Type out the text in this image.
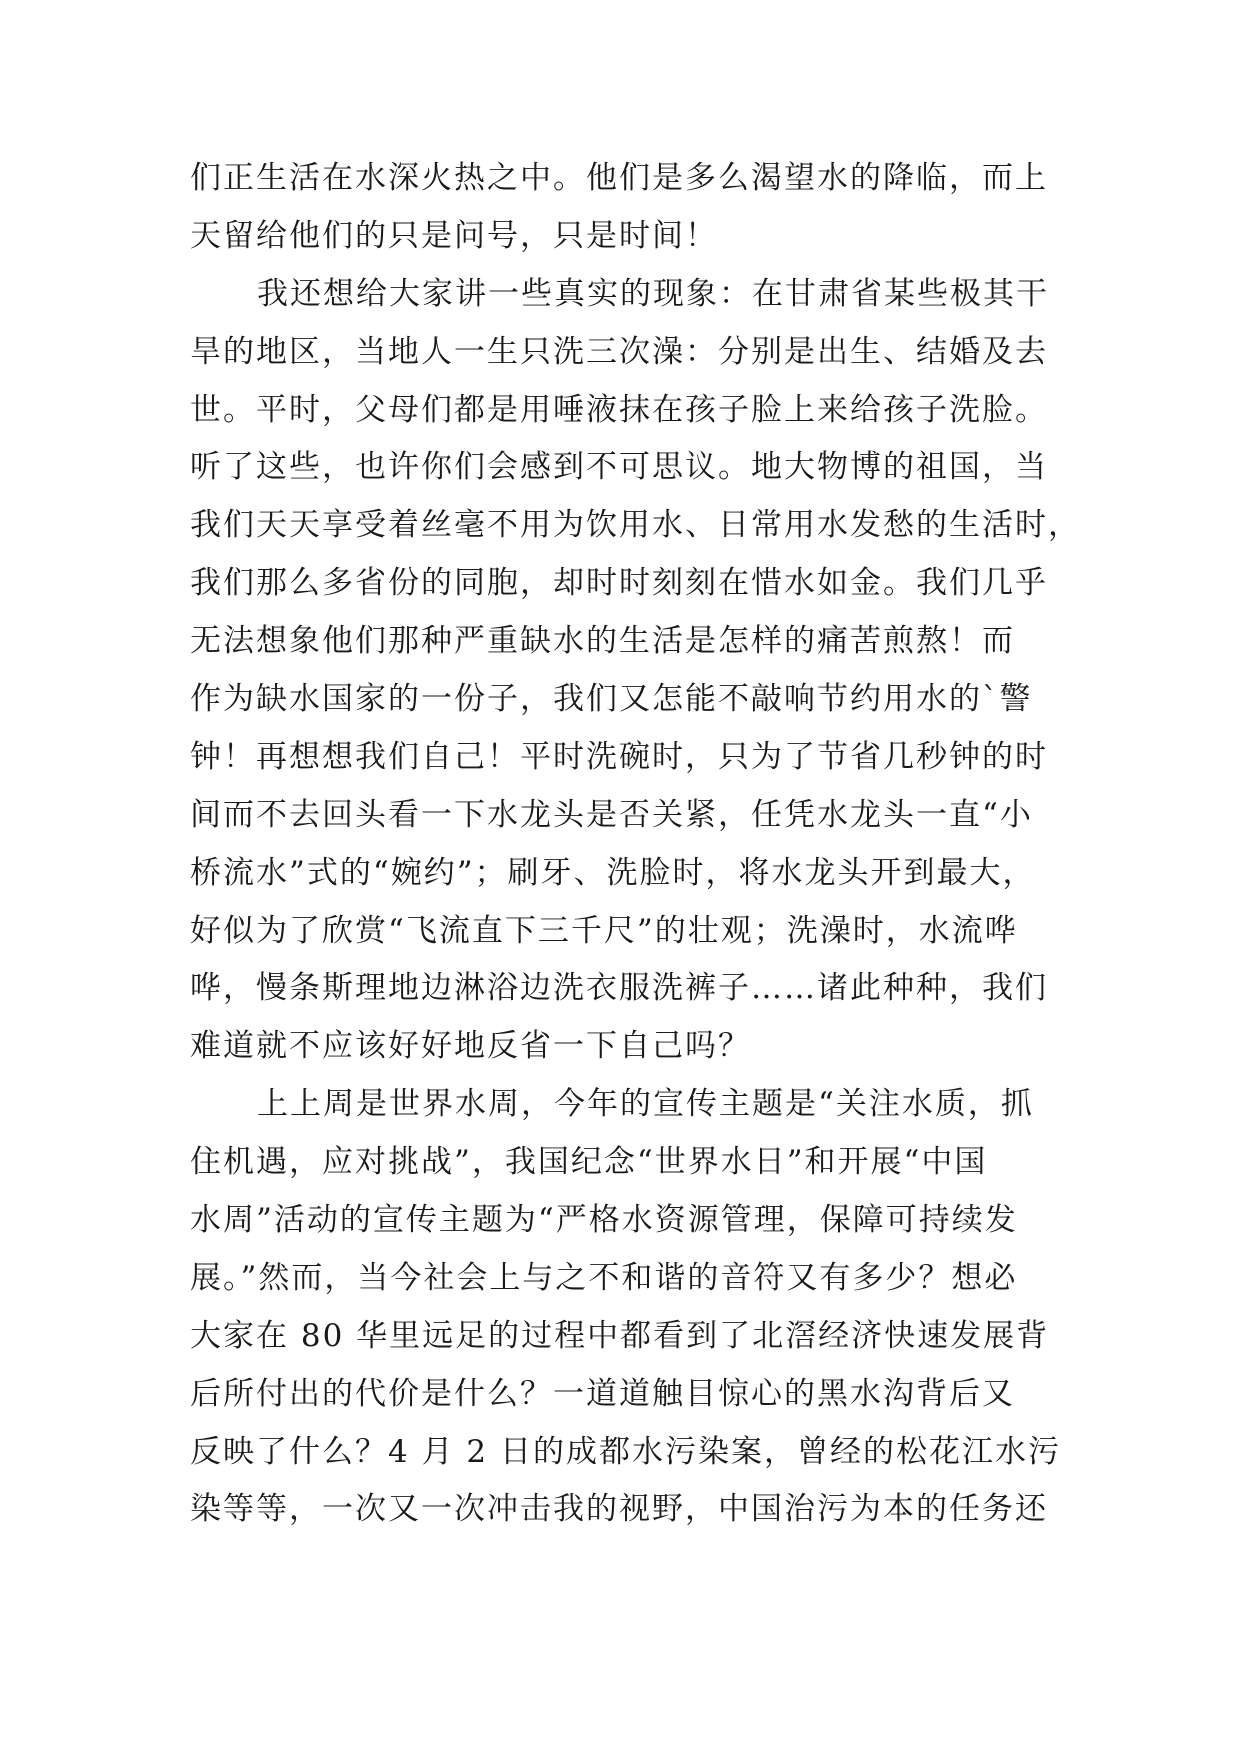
们正生活在水深火热之中。他们是多么渴望水的降临，而上
天留给他们的只是问号，只是时间！
我还想给大家讲一些真实的现象：在甘肃省某些极其干
旱的地区，当地人一生只洗三次澡：分别是出生、结婚及去
世。平时，父母们都是用唾液抹在孩子脸上来给孩子洗脸。
听了这些，也许你们会感到不可思议。地大物博的祖国，当
我们天天享受着丝毫不用为饮用水、日常用水发愁的生活时，
我们那么多省份的同胞，却时时刻刻在惜水如金。我们几乎
无法想象他们那种严重缺水的生活是怎样的痛苦煎熬！而
作为缺水国家的一份子，我们又怎能不敲响节约用水的`警
钟！再想想我们自己！平时洗碗时，只为了节省几秒钟的时
间而不去回头看一下水龙头是否关紧，任凭水龙头一直“小
桥流水”式的“婉约”；刷牙、洗脸时，将水龙头开到最大，
好似为了欣赏“飞流直下三千尺”的壮观；洗澡时，水流哗
哗，慢条斯理地边淋浴边洗衣服洗裤子……诸此种种，我们
难道就不应该好好地反省一下自己吗？
上上周是世界水周，今年的宣传主题是“关注水质，抓
住机遇，应对挑战”，我国纪念“世界水日”和开展“中国
水周”活动的宣传主题为“严格水资源管理，保障可持续发
展。”然而，当今社会上与之不和谐的音符又有多少？想必
大家在 80 华里远足的过程中都看到了北滘经济快速发展背
后所付出的代价是什么？一道道触目惊心的黑水沟背后又
反映了什么？4 月 2 日的成都水污染案，曾经的松花江水污
染等等，一次又一次冲击我的视野，中国治污为本的任务还
